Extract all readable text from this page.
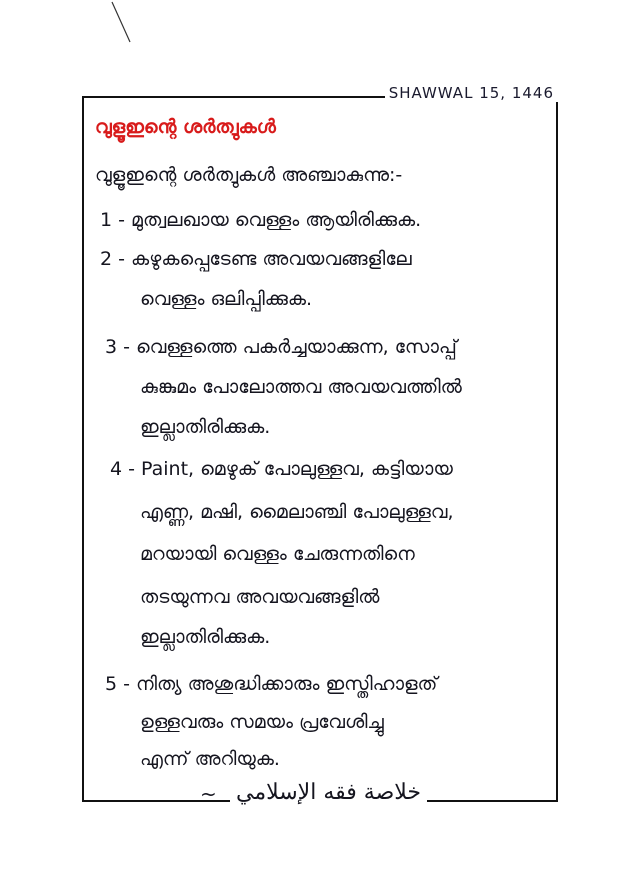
SHAWWAL 15, 1446
വുളൂഇന്റെ ശർത്വുകൾ
വുളൂഇന്റെ ശർത്വുകൾ അഞ്ചാകുന്നു:-
1 - മുത്വലഖായ വെള്ളം ആയിരിക്കുക.
2 - കഴുകപ്പെടേണ്ട അവയവങ്ങളിലേ
വെള്ളം ഒലിപ്പിക്കുക.
3 - വെള്ളത്തെ പകർച്ചയാക്കുന്ന, സോപ്പ്
കുങ്കുമം പോലോത്തവ അവയവത്തിൽ
ഇല്ലാതിരിക്കുക.
4 - Paint, മെഴുക് പോലുള്ളവ, കട്ടിയായ
എണ്ണ, മഷി, മൈലാഞ്ചി പോലുള്ളവ,
മറയായി വെള്ളം ചേരുന്നതിനെ
തടയുന്നവ അവയവങ്ങളിൽ
ഇല്ലാതിരിക്കുക.
5 - നിത്യ അശുദ്ധിക്കാരും ഇസ്തിഹാളത്
ഉള്ളവരും സമയം പ്രവേശിച്ചു
എന്ന് അറിയുക.
~ خلاصة فقه الإسلامي
